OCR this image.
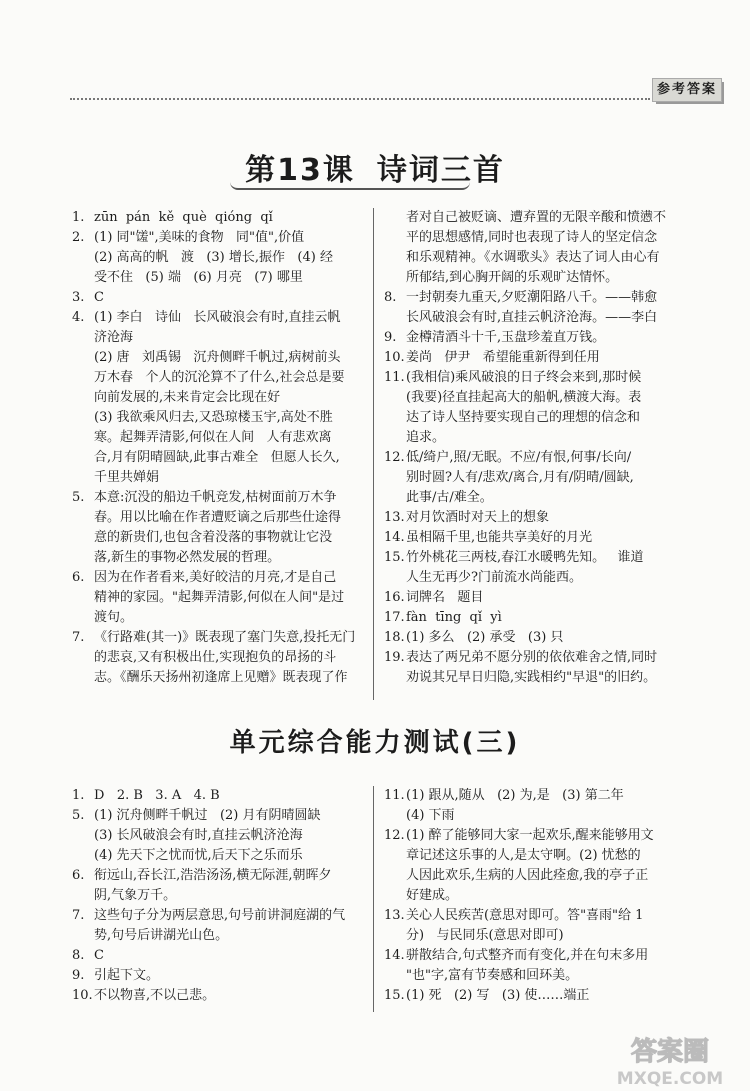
参考答案
第13课 诗词三首
1. zūn  pán  kě  què  qióng  qǐ
2. (1) 同"馐",美味的食物   同"值",价值
(2) 高高的帆   渡   (3) 增长,振作   (4) 经
受不住   (5) 端   (6) 月亮   (7) 哪里
3. C
4. (1) 李白   诗仙   长风破浪会有时,直挂云帆
济沧海
(2) 唐   刘禹锡   沉舟侧畔千帆过,病树前头
万木春   个人的沉沦算不了什么,社会总是要
向前发展的,未来肯定会比现在好
(3) 我欲乘风归去,又恐琼楼玉宇,高处不胜
寒。起舞弄清影,何似在人间   人有悲欢离
合,月有阴晴圆缺,此事古难全   但愿人长久,
千里共婵娟
5. 本意:沉没的船边千帆竞发,枯树面前万木争
春。用以比喻在作者遭贬谪之后那些仕途得
意的新贵们,也包含着没落的事物就让它没
落,新生的事物必然发展的哲理。
6. 因为在作者看来,美好皎洁的月亮,才是自己
精神的家园。"起舞弄清影,何似在人间"是过
渡句。
7. 《行路难(其一)》既表现了塞门失意,投托无门
的悲哀,又有积极出仕,实现抱负的昂扬的斗
志。《酬乐天扬州初逢席上见赠》既表现了作
者对自己被贬谪、遭弃置的无限辛酸和愤懑不
平的思想感情,同时也表现了诗人的坚定信念
和乐观精神。《水调歌头》表达了词人由心有
所郁结,到心胸开阔的乐观旷达情怀。
8. 一封朝奏九重天,夕贬潮阳路八千。——韩愈
长风破浪会有时,直挂云帆济沧海。——李白
9. 金樽清酒斗十千,玉盘珍羞直万钱。
10. 姜尚   伊尹   希望能重新得到任用
11. (我相信)乘风破浪的日子终会来到,那时候
(我要)径直挂起高大的船帆,横渡大海。表
达了诗人坚持要实现自己的理想的信念和
追求。
12. 低/绮户,照/无眠。不应/有恨,何事/长向/
别时圆?人有/悲欢/离合,月有/阴晴/圆缺,
此事/古/难全。
13. 对月饮酒时对天上的想象
14. 虽相隔千里,也能共享美好的月光
15. 竹外桃花三两枝,春江水暖鸭先知。   谁道
人生无再少?门前流水尚能西。
16. 词牌名   题目
17. fàn  tīng  qǐ  yì
18. (1) 多么   (2) 承受   (3) 只
19. 表达了两兄弟不愿分别的依依难舍之情,同时
劝说其兄早日归隐,实践相约"早退"的旧约。
单元综合能力测试(三)
1. D   2. B   3. A   4. B
5. (1) 沉舟侧畔千帆过   (2) 月有阴晴圆缺
(3) 长风破浪会有时,直挂云帆济沧海
(4) 先天下之忧而忧,后天下之乐而乐
6. 衔远山,吞长江,浩浩汤汤,横无际涯,朝晖夕
阴,气象万千。
7. 这些句子分为两层意思,句号前讲洞庭湖的气
势,句号后讲湖光山色。
8. C
9. 引起下文。
10. 不以物喜,不以己悲。
11. (1) 跟从,随从   (2) 为,是   (3) 第二年
(4) 下雨
12. (1) 醉了能够同大家一起欢乐,醒来能够用文
章记述这乐事的人,是太守啊。(2) 忧愁的
人因此欢乐,生病的人因此痊愈,我的亭子正
好建成。
13. 关心人民疾苦(意思对即可。答"喜雨"给 1
分)   与民同乐(意思对即可)
14. 骈散结合,句式整齐而有变化,并在句末多用
"也"字,富有节奏感和回环美。
15. (1) 死   (2) 写   (3) 使……端正
答案圈
MXQE.COM
